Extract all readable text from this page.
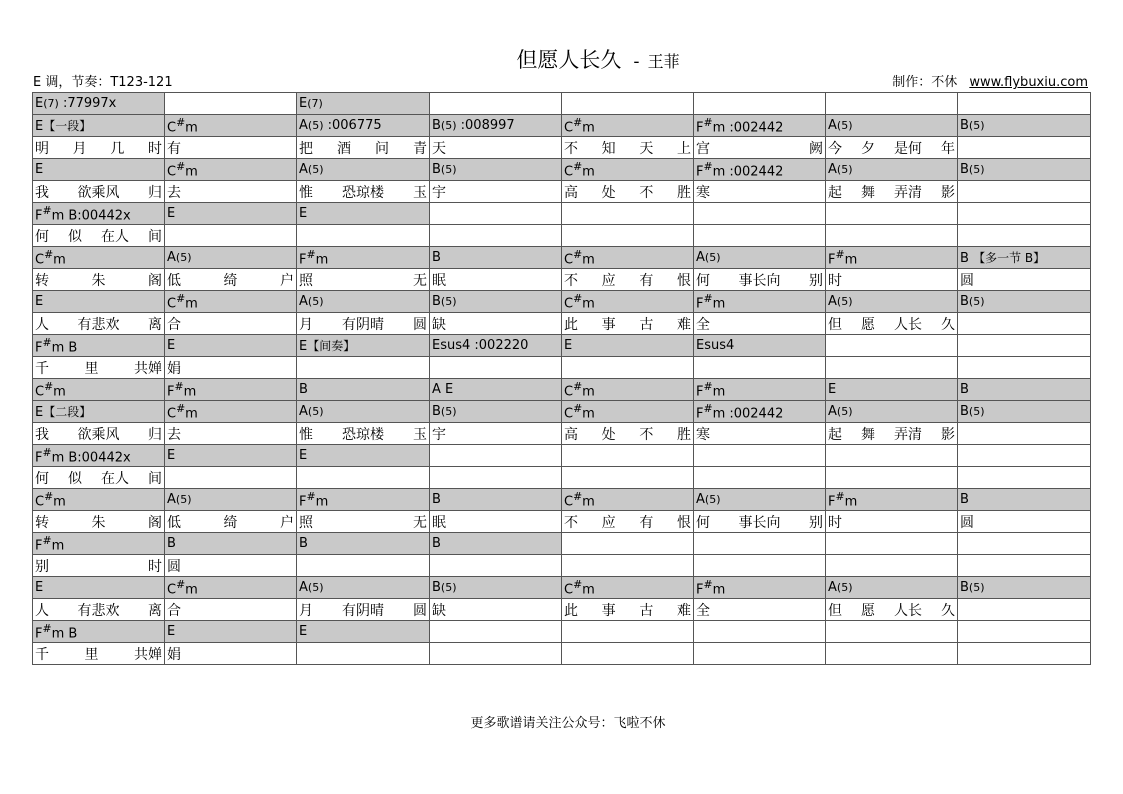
但愿人长久 - 王菲
E 调，节奏：T123-121	制作：不休 www.flybuxiu.com
E(7) :77997x		E(7)					
E【一段】	C#m	A(5) :006775	B(5) :008997	C#m	F#m :002442	A(5)	B(5)

明 月 几 时	有	把 酒 问 青	天	不 知 天 上	宫 阙	今 夕 是何 年	

E	C#m	A(5)	B(5)	C#m	F#m :002442	A(5)	B(5)

我 欲乘风 归	去	惟 恐琼楼 玉	宇	高 处 不 胜	寒	起 舞 弄清 影	

F#m B:00442x	E	E					

何 似 在人 间							

C#m	A(5)	F#m	B	C#m	A(5)	F#m	B 【多一节 B】

转 朱 阁	低 绮 户	照 无	眠	不 应 有 恨	何 事长向 别	时	圆
E	C#m	A(5)	B(5)	C#m	F#m	A(5)	B(5)

人 有悲欢 离	合	月 有阴晴 圆	缺	此 事 古 难	全	但 愿 人长 久	

F#m B	E	E【间奏】	Esus4 :002220	E	Esus4		

千 里 共婵	娟						
C#m	F#m	B	A E	C#m	F#m	E	B
E【二段】	C#m	A(5)	B(5)	C#m	F#m :002442	A(5)	B(5)

我 欲乘风 归	去	惟 恐琼楼 玉	宇	高 处 不 胜	寒	起 舞 弄清 影	

F#m B:00442x	E	E					

何 似 在人 间							

C#m	A(5)	F#m	B	C#m	A(5)	F#m	B

转 朱 阁	低 绮 户	照 无	眠	不 应 有 恨	何 事长向 别	时	圆
F#m	B	B	B				

别 时	圆						
E	C#m	A(5)	B(5)	C#m	F#m	A(5)	B(5)

人 有悲欢 离	合	月 有阴晴 圆	缺	此 事 古 难	全	但 愿 人长 久	

F#m B	E	E					

千 里 共婵	娟						
更多歌谱请关注公众号：飞啦不休
